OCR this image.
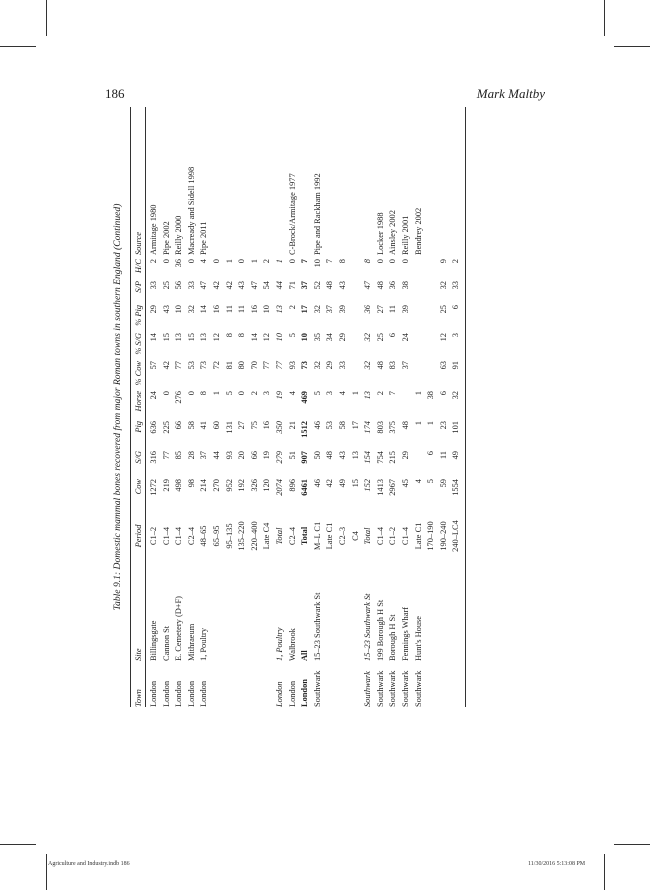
186	Mark Maltby
Agriculture and Industry.indb 186	11/30/2016 5:13:08 PM
Table 9.1: Domestic mammal bones recovered from major Roman towns in southern England (Continued)
Town
Site
Period
Cow
S/G
Pig
Horse
% Cow
% S/G
% Pig
S/P
H/C
Source
London
Billingsgate
C1–2
1272
316
636
24
57
14
29
33
2
Armitage 1980
London
Cannon St
C1–4
219
77
225
0
42
15
43
25
0
Pipe 2002
London
E. Cemetery (D+F)
C1–4
498
85
66
276
77
13
10
56
36
Reilly 2000
London
Mithraeum
C2–4
98
28
58
0
53
15
32
33
0
Macready and Sidell 1998
London
1, Poultry
48–65
214
37
41
8
73
13
14
47
4
Pipe 2011
65–95
270
44
60
1
72
12
16
42
0
95–135
952
93
131
5
81
8
11
42
1
135–220
192
20
27
0
80
8
11
43
0
220–400
326
66
75
2
70
14
16
47
1
Late C4
120
19
16
3
77
12
10
54
2
London
1, Poultry
Total
2074
279
350
19
77
10
13
44
1
London
Walbrook
C2–4
896
51
21
4
93
5
2
71
0
C-Brock/Armitage 1977
London
All
Total
6461
907
1512
469
73
10
17
37
7
Southwark
15–23 Southwark St
M–L C1
46
50
46
5
32
35
32
52
10
Pipe and Rackham 1992
Late C1
42
48
53
3
29
34
37
48
7
C2–3
49
43
58
4
33
29
39
43
8
C4
15
13
17
1
Southwark
15–23 Southwark St
Total
152
154
174
13
32
32
36
47
8
Southwark
199 Borough H St
C1–4
1413
754
803
2
48
25
27
48
0
Locker 1988
Southwark
Borough H St
C1–2
2967
215
375
7
83
6
11
36
0
Ainsley 2002
Southwark
Fennings Wharf
C1–4
45
29
48
37
24
39
38
0
Reilly 2001
Southwark
Hunt's House
Late C1
4
1
1
Bendrey 2002
170–190
5
6
1
38
190–240
59
11
23
6
63
12
25
32
9
240–LC4
1554
49
101
32
91
3
6
33
2
